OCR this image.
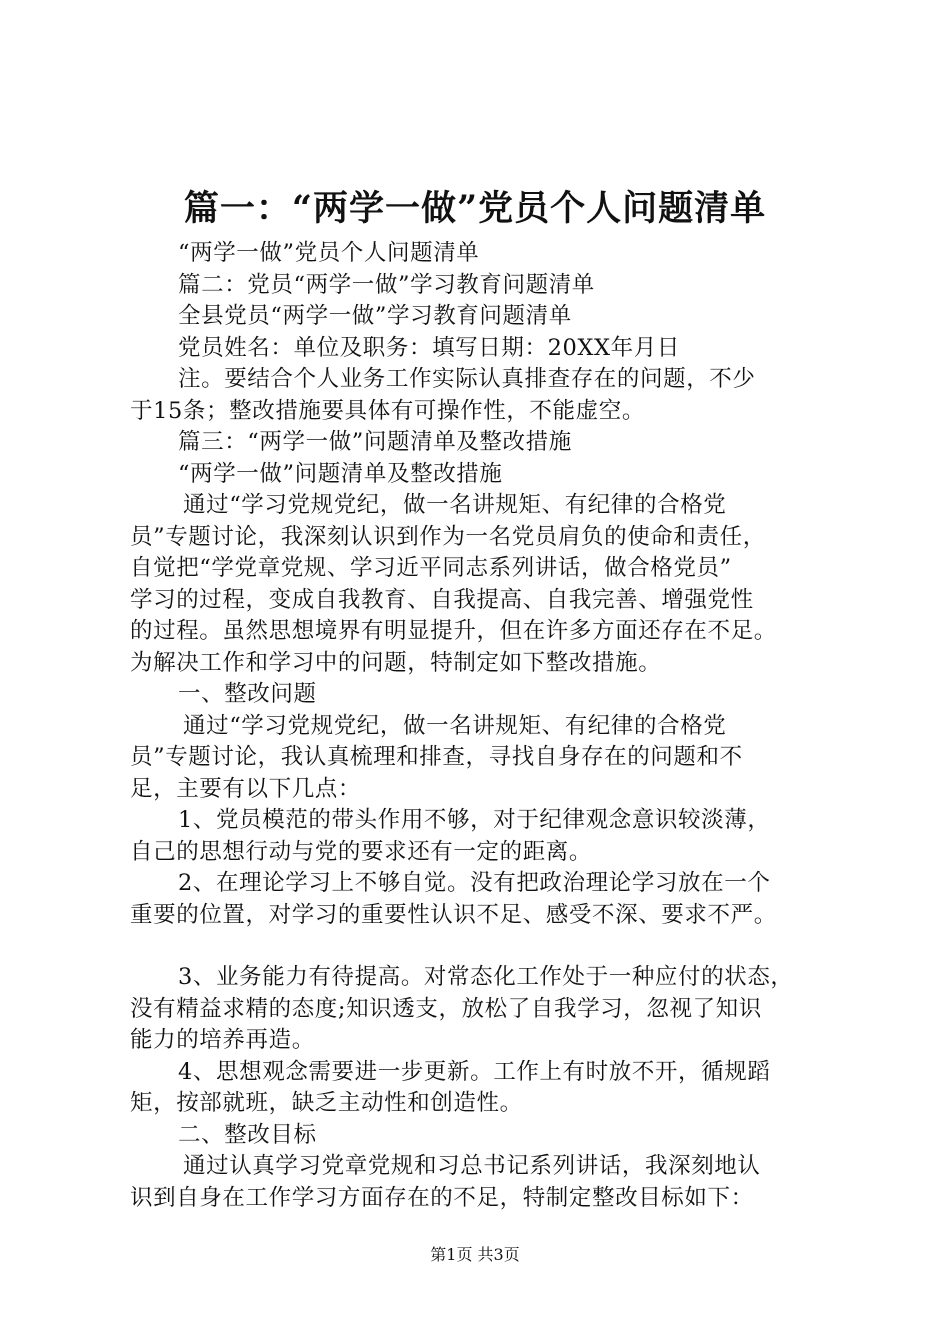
篇一：“两学一做”党员个人问题清单

“两学一做”党员个人问题清单

篇二：党员“两学一做”学习教育问题清单

全县党员“两学一做”学习教育问题清单

党员姓名：单位及职务：填写日期：20XX年月日

注。要结合个人业务工作实际认真排查存在的问题，不少

于15条；整改措施要具体有可操作性，不能虚空。

篇三：“两学一做”问题清单及整改措施

“两学一做”问题清单及整改措施

通过“学习党规党纪，做一名讲规矩、有纪律的合格党

员”专题讨论，我深刻认识到作为一名党员肩负的使命和责任，

自觉把“学党章党规、学习近平同志系列讲话，做合格党员”

学习的过程，变成自我教育、自我提高、自我完善、增强党性

的过程。虽然思想境界有明显提升，但在许多方面还存在不足。

为解决工作和学习中的问题，特制定如下整改措施。

一、整改问题

通过“学习党规党纪，做一名讲规矩、有纪律的合格党

员”专题讨论，我认真梳理和排查，寻找自身存在的问题和不

足，主要有以下几点：

1、党员模范的带头作用不够，对于纪律观念意识较淡薄，

自己的思想行动与党的要求还有一定的距离。

2、在理论学习上不够自觉。没有把政治理论学习放在一个

重要的位置，对学习的重要性认识不足、感受不深、要求不严。

3、业务能力有待提高。对常态化工作处于一种应付的状态，

没有精益求精的态度;知识透支，放松了自我学习，忽视了知识

能力的培养再造。

4、思想观念需要进一步更新。工作上有时放不开，循规蹈

矩，按部就班，缺乏主动性和创造性。

二、整改目标

通过认真学习党章党规和习总书记系列讲话，我深刻地认

识到自身在工作学习方面存在的不足，特制定整改目标如下：

第1页 共3页
